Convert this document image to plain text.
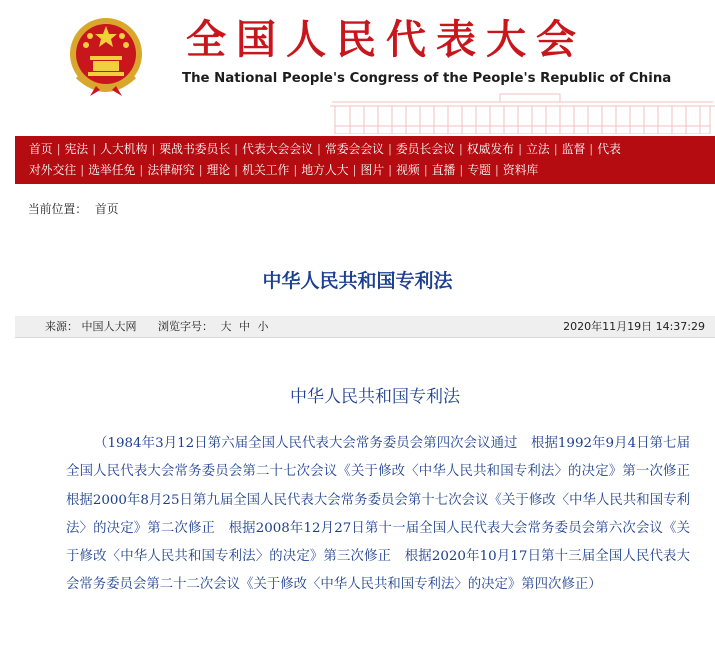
全国人民代表大会
The National People's Congress of the People's Republic of China
首页 | 宪法 | 人大机构 | 栗战书委员长 | 代表大会会议 | 常委会会议 | 委员长会议 | 权威发布 | 立法 | 监督 | 代表
对外交往 | 选举任免 | 法律研究 | 理论 | 机关工作 | 地方人大 | 图片 | 视频 | 直播 | 专题 | 资料库
当前位置： 首页
中华人民共和国专利法
来源： 中国人大网 浏览字号： 大 中 小	2020年11月19日 14:37:29
中华人民共和国专利法

（1984年3月12日第六届全国人民代表大会常务委员会第四次会议通过　根据1992年9月4日第七届全国人民代表大会常务委员会第二十七次会议《关于修改〈中华人民共和国专利法〉的决定》第一次修正　根据2000年8月25日第九届全国人民代表大会常务委员会第十七次会议《关于修改〈中华人民共和国专利法〉的决定》第二次修正　根据2008年12月27日第十一届全国人民代表大会常务委员会第六次会议《关于修改〈中华人民共和国专利法〉的决定》第三次修正　根据2020年10月17日第十三届全国人民代表大会常务委员会第二十二次会议《关于修改〈中华人民共和国专利法〉的决定》第四次修正）
